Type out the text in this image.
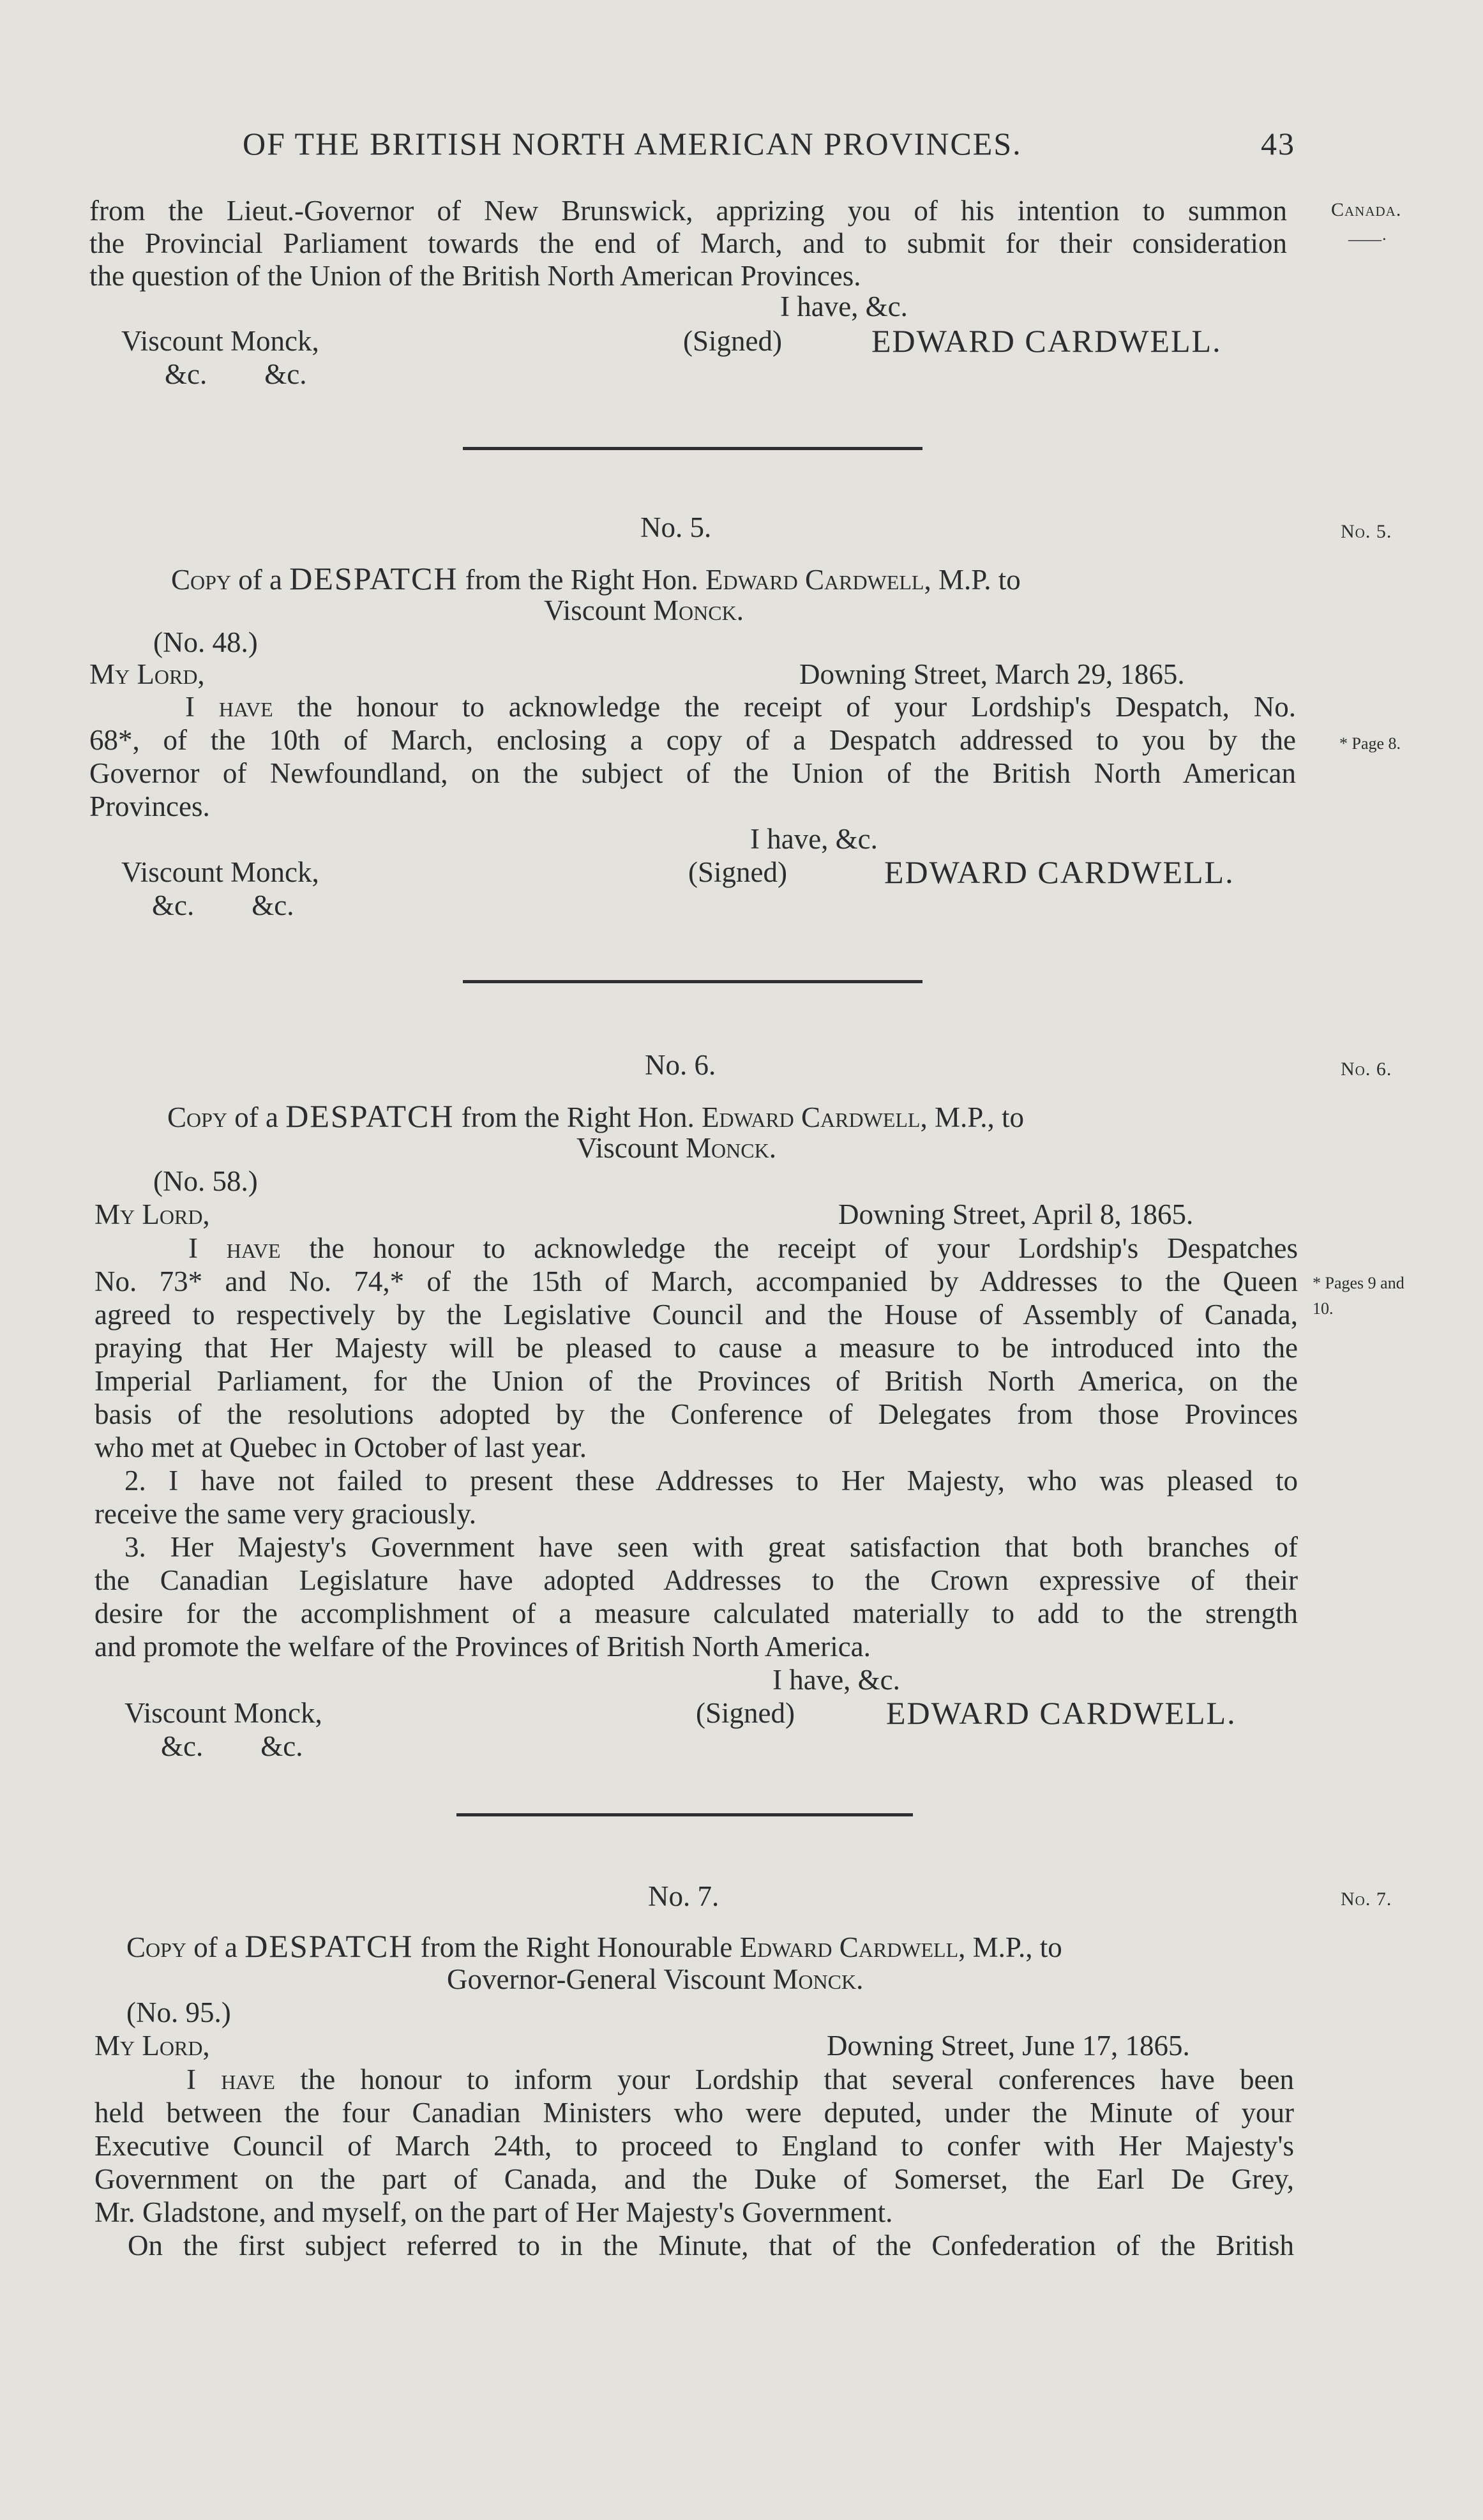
OF THE BRITISH NORTH AMERICAN PROVINCES.	43
Canada.
——·
No. 5.
* Page 8.
No. 6.
* Pages 9 and 10.
No. 7.
from the Lieut.-Governor of New Brunswick, apprizing you of his intention to summon
the Provincial Parliament towards the end of March, and to submit for their consideration
the question of the Union of the British North American Provinces.
I have, &c.
Viscount Monck,	(Signed)	EDWARD CARDWELL.
&c.        &c.
No. 5.
Copy of a DESPATCH from the Right Hon. Edward Cardwell, M.P. to
Viscount Monck.
(No. 48.)
My Lord,	Downing Street, March 29, 1865.
I have the honour to acknowledge the receipt of your Lordship's Despatch, No.
68*, of the 10th of March, enclosing a copy of a Despatch addressed to you by the
Governor of Newfoundland, on the subject of the Union of the British North American
Provinces.
I have, &c.
Viscount Monck,	(Signed)	EDWARD CARDWELL.
&c.        &c.
No. 6.
Copy of a DESPATCH from the Right Hon. Edward Cardwell, M.P., to
Viscount Monck.
(No. 58.)
My Lord,	Downing Street, April 8, 1865.
I have the honour to acknowledge the receipt of your Lordship's Despatches
No. 73* and No. 74,* of the 15th of March, accompanied by Addresses to the Queen
agreed to respectively by the Legislative Council and the House of Assembly of Canada,
praying that Her Majesty will be pleased to cause a measure to be introduced into the
Imperial Parliament, for the Union of the Provinces of British North America, on the
basis of the resolutions adopted by the Conference of Delegates from those Provinces
who met at Quebec in October of last year.
2. I have not failed to present these Addresses to Her Majesty, who was pleased to
receive the same very graciously.
3. Her Majesty's Government have seen with great satisfaction that both branches of
the Canadian Legislature have adopted Addresses to the Crown expressive of their
desire for the accomplishment of a measure calculated materially to add to the strength
and promote the welfare of the Provinces of British North America.
I have, &c.
Viscount Monck,	(Signed)	EDWARD CARDWELL.
&c.        &c.
No. 7.
Copy of a DESPATCH from the Right Honourable Edward Cardwell, M.P., to
Governor-General Viscount Monck.
(No. 95.)
My Lord,	Downing Street, June 17, 1865.
I have the honour to inform your Lordship that several conferences have been
held between the four Canadian Ministers who were deputed, under the Minute of your
Executive Council of March 24th, to proceed to England to confer with Her Majesty's
Government on the part of Canada, and the Duke of Somerset, the Earl De Grey,
Mr. Gladstone, and myself, on the part of Her Majesty's Government.
On the first subject referred to in the Minute, that of the Confederation of the British
